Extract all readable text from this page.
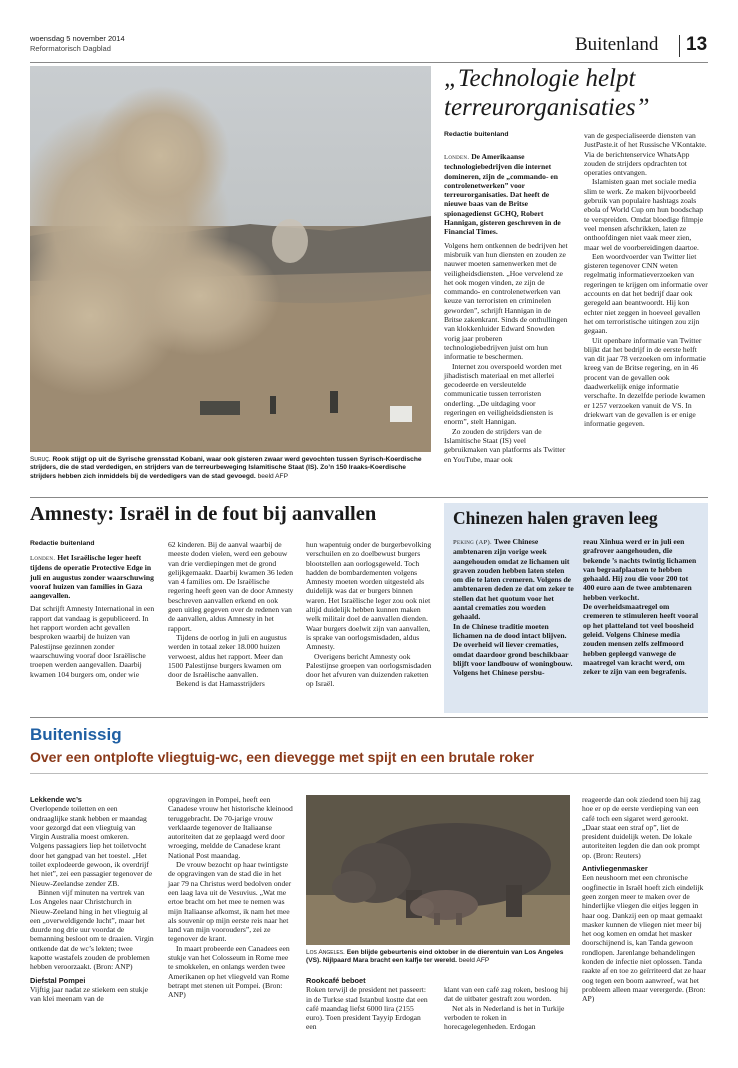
woensdag 5 november 2014
Reformatorisch Dagblad	Buitenland 13
Suruç. Rook stijgt op uit de Syrische grensstad Kobani, waar ook gisteren zwaar werd gevochten tussen Syrisch-Koerdische strijders, die de stad verdedigen, en strijders van de terreurbeweging Islamitische Staat (IS). Zo’n 150 Iraaks-Koerdische strijders hebben zich inmiddels bij de verdedigers van de stad gevoegd. beeld AFP
„Technologie helpt terreurorganisaties”
Redactie buitenland

Londen. De Amerikaanse technologiebedrijven die internet domineren, zijn de „commando- en controlenetwerken” voor terreurorganisaties. Dat heeft de nieuwe baas van de Britse spionagedienst GCHQ, Robert Hannigan, gisteren geschreven in de Financial Times.

Volgens hem ontkennen de bedrijven het misbruik van hun diensten en zouden ze nauwer moeten samenwerken met de veiligheidsdiensten. „Hoe vervelend ze het ook mogen vinden, ze zijn de commando- en controlenetwerken van keuze van terroristen en criminelen geworden”, schrijft Hannigan in de Britse zakenkrant. Sinds de onthullingen van klokkenluider Edward Snowden vorig jaar proberen technologiebedrijven juist om hun informatie te beschermen.

Internet zou overspoeld worden met jihadistisch materiaal en met allerlei gecodeerde en versleutelde communicatie tussen terroristen onderling. „De uitdaging voor regeringen en veiligheidsdiensten is enorm”, stelt Hannigan.

Zo zouden de strijders van de Islamitische Staat (IS) veel gebruikmaken van platforms als Twitter en YouTube, maar ook

van de gespecialiseerde diensten van JustPaste.it of het Russische VKontakte. Via de berichtenservice WhatsApp zouden de strijders opdrachten tot operaties ontvangen.

Islamisten gaan met sociale media slim te werk. Ze maken bijvoorbeeld gebruik van populaire hashtags zoals ebola of World Cup om hun boodschap te verspreiden. Omdat bloedige filmpje veel mensen afschrikken, laten ze onthoofdingen niet vaak meer zien, maar wel de voorbereidingen daartoe.

Een woordvoerder van Twitter liet gisteren tegenover CNN weten regelmatig informatieverzoeken van regeringen te krijgen om informatie over accounts en dat het bedrijf daar ook geregeld aan beantwoordt. Hij kon echter niet zeggen in hoeveel gevallen het om terroristische uitingen zou zijn gegaan.

Uit openbare informatie van Twitter blijkt dat het bedrijf in de eerste helft van dit jaar 78 verzoeken om informatie kreeg van de Britse regering, en in 46 procent van de gevallen ook daadwerkelijk enige informatie verschafte. In dezelfde periode kwamen er 1257 verzoeken vanuit de VS. In driekwart van de gevallen is er enige informatie gegeven.

Amnesty: Israël in de fout bij aanvallen
Redactie buitenland

Londen. Het Israëlische leger heeft tijdens de operatie Protective Edge in juli en augustus zonder waarschuwing vooraf huizen van families in Gaza aangevallen.

Dat schrijft Amnesty International in een rapport dat vandaag is gepubliceerd. In het rapport worden acht gevallen besproken waarbij de huizen van Palestijnse gezinnen zonder waarschuwing vooraf door Israëlische troepen werden aangevallen. Daarbij kwamen 104 burgers om, onder wie

62 kinderen. Bij de aanval waarbij de meeste doden vielen, werd een gebouw van drie verdiepingen met de grond gelijkgemaakt. Daarbij kwamen 36 leden van 4 families om. De Israëlische regering heeft geen van de door Amnesty beschreven aanvallen erkend en ook geen uitleg gegeven over de redenen van de aanvallen, aldus Amnesty in het rapport.

Tijdens de oorlog in juli en augustus werden in totaal zeker 18.000 huizen verwoest, aldus het rapport. Meer dan 1500 Palestijnse burgers kwamen om door de Israëlische aanvallen.

Bekend is dat Hamasstrijders

hun wapentuig onder de burgerbevolking verschuilen en zo doelbewust burgers blootstellen aan oorlogsgeweld. Toch hadden de bombardementen volgens Amnesty moeten worden uitgesteld als duidelijk was dat er burgers binnen waren. Het Israëlische leger zou ook niet altijd duidelijk hebben kunnen maken welk militair doel de aanvallen dienden. Waar burgers doelwit zijn van aanvallen, is sprake van oorlogsmisdaden, aldus Amnesty.

Overigens bericht Amnesty ook Palestijnse groepen van oorlogsmisdaden door het afvuren van duizenden raketten op Israël.

Chinezen halen graven leeg

Peking (AP). Twee Chinese ambtenaren zijn vorige week aangehouden omdat ze lichamen uit graven zouden hebben laten stelen om die te laten cremeren. Volgens de ambtenaren deden ze dat om zeker te stellen dat het quotum voor het aantal crematies zou worden gehaald.

In de Chinese traditie moeten lichamen na de dood intact blijven. De overheid wil liever crematies, omdat daardoor grond beschikbaar blijft voor landbouw of woningbouw. Volgens het Chinese persbu-

reau Xinhua werd er in juli een grafrover aangehouden, die bekende ’s nachts twintig lichamen van begraafplaatsen te hebben gehaald. Hij zou die voor 200 tot 400 euro aan de twee ambtenaren hebben verkocht.

De overheidsmaatregel om cremeren te stimuleren heeft vooral op het platteland tot veel boosheid geleid. Volgens Chinese media zouden mensen zelfs zelfmoord hebben gepleegd vanwege de maatregel van kracht werd, om zeker te zijn van een begrafenis.

Buitenissig
Over een ontplofte vliegtuig-wc, een dievegge met spijt en een brutale roker
Lekkende wc’s

Overlopende toiletten en een ondraaglijke stank hebben er maandag voor gezorgd dat een vliegtuig van Virgin Australia moest omkeren. Volgens passagiers liep het toiletvocht door het gangpad van het toestel. „Het toilet explodeerde gewoon, ik overdrijf het niet”, zei een passagier tegenover de Nieuw-Zeelandse zender ZB.

Binnen vijf minuten na vertrek van Los Angeles naar Christchurch in Nieuw-Zeeland hing in het vliegtuig al een „overweldigende lucht”, maar het duurde nog drie uur voordat de bemanning besloot om te draaien. Virgin ontkende dat de wc’s lekten; twee kapotte wastafels zouden de problemen hebben veroorzaakt. (Bron: ANP)

Diefstal Pompei

Vijftig jaar nadat ze stiekem een stukje van klei meenam van de

opgravingen in Pompei, heeft een Canadese vrouw het historische kleinood teruggebracht. De 70-jarige vrouw verklaarde tegenover de Italiaanse autoriteiten dat ze geplaagd werd door wroeging, meldde de Canadese krant National Post maandag.

De vrouw bezocht op haar twintigste de opgravingen van de stad die in het jaar 79 na Christus werd bedolven onder een laag lava uit de Vesuvius. „Wat me ertoe bracht om het mee te nemen was mijn Italiaanse afkomst, ik nam het mee als souvenir op mijn eerste reis naar het land van mijn voorouders”, zei ze tegenover de krant.

In maart probeerde een Canadees een stukje van het Colosseum in Rome mee te smokkelen, en onlangs werden twee Amerikanen op het vliegveld van Rome betrapt met stenen uit Pompei. (Bron: ANP)

Los Angeles. Een blijde gebeurtenis eind oktober in de dierentuin van Los Angeles (VS). Nijlpaard Mara bracht een kalfje ter wereld. beeld AFP
Rookcafé beboet

Roken terwijl de president net passeert: in de Turkse stad Istanbul kostte dat een café maandag liefst 6000 lira (2155 euro). Toen president Tayyip Erdogan een

klant van een café zag roken, besloog hij dat de uitbater gestraft zou worden.

Net als in Nederland is het in Turkije verboden te roken in horecagelegenheden. Erdogan

reageerde dan ook ziedend toen hij zag hoe er op de eerste verdieping van een café toch een sigaret werd gerookt. „Daar staat een straf op”, liet de president duidelijk weten. De lokale autoriteiten legden die dan ook prompt op. (Bron: Reuters)

Antivliegenmasker

Een neushoorn met een chronische oogfinectie in Israël hoeft zich eindelijk geen zorgen meer te maken over de hinderlijke vliegen die eitjes leggen in haar oog. Dankzij een op maat gemaakt masker kunnen de vliegen niet meer bij het oog komen en omdat het masker doorschijnend is, kan Tanda gewoon rondlopen. Jarenlange behandelingen konden de infectie niet oplossen. Tanda raakte af en toe zo geïrriteerd dat ze haar oog tegen een boom aanwreef, wat het probleem alleen maar verergerde. (Bron: AP)
